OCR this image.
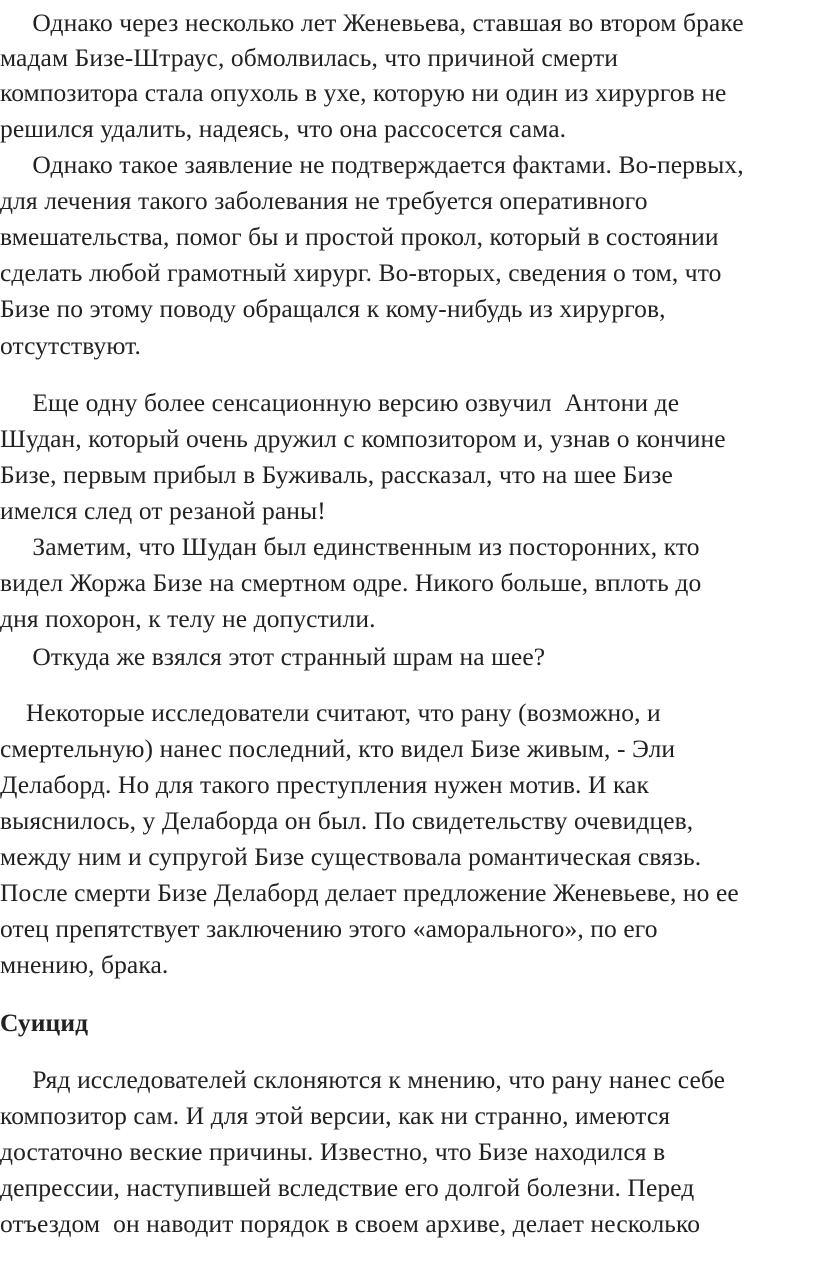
Однако через несколько лет Женевьева, ставшая во втором браке
мадам Бизе-Штраус, обмолвилась, что причиной смерти
композитора стала опухоль в ухе, которую ни один из хирургов не
решился удалить, надеясь, что она рассосется сама.
Однако такое заявление не подтверждается фактами. Во-первых,
для лечения такого заболевания не требуется оперативного
вмешательства, помог бы и простой прокол, который в состоянии
сделать любой грамотный хирург. Во-вторых, сведения о том, что
Бизе по этому поводу обращался к кому-нибудь из хирургов,
отсутствуют.
Еще одну более сенсационную версию озвучил  Антони де
Шудан, который очень дружил с композитором и, узнав о кончине
Бизе, первым прибыл в Буживаль, рассказал, что на шее Бизе
имелся след от резаной раны!
Заметим, что Шудан был единственным из посторонних, кто
видел Жоржа Бизе на смертном одре. Никого больше, вплоть до
дня похорон, к телу не допустили.
Откуда же взялся этот странный шрам на шее?
Некоторые исследователи считают, что рану (возможно, и
смертельную) нанес последний, кто видел Бизе живым, - Эли
Делаборд. Но для такого преступления нужен мотив. И как
выяснилось, у Делаборда он был. По свидетельству очевидцев,
между ним и супругой Бизе существовала романтическая связь.
После смерти Бизе Делаборд делает предложение Женевьеве, но ее
отец препятствует заключению этого «аморального», по его
мнению, брака.
Суицид
Ряд исследователей склоняются к мнению, что рану нанес себе
композитор сам. И для этой версии, как ни странно, имеются
достаточно веские причины. Известно, что Бизе находился в
депрессии, наступившей вследствие его долгой болезни. Перед
отъездом  он наводит порядок в своем архиве, делает несколько
